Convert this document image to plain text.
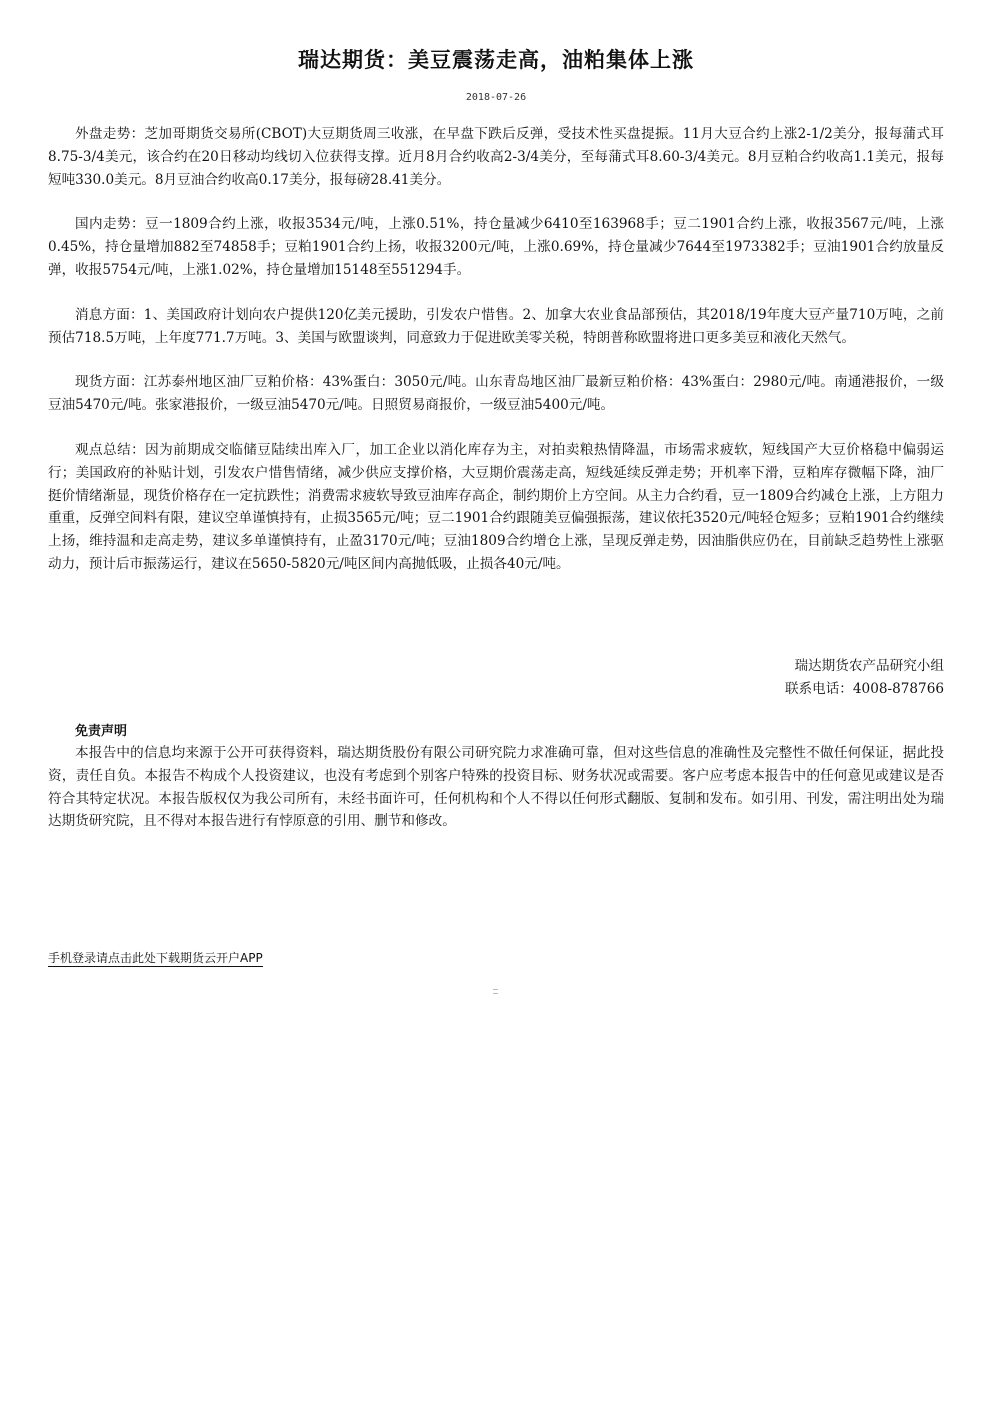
瑞达期货：美豆震荡走高，油粕集体上涨
2018-07-26

外盘走势：芝加哥期货交易所(CBOT)大豆期货周三收涨，在早盘下跌后反弹，受技术性买盘提振。11月大豆合约上涨2-1/2美分，报每蒲式耳8.75-3/4美元，该合约在20日移动均线切入位获得支撑。近月8月合约收高2-3/4美分，至每蒲式耳8.60-3/4美元。8月豆粕合约收高1.1美元，报每短吨330.0美元。8月豆油合约收高0.17美分，报每磅28.41美分。

国内走势：豆一1809合约上涨，收报3534元/吨，上涨0.51%，持仓量减少6410至163968手；豆二1901合约上涨，收报3567元/吨，上涨0.45%，持仓量增加882至74858手；豆粕1901合约上扬，收报3200元/吨，上涨0.69%，持仓量减少7644至1973382手；豆油1901合约放量反弹，收报5754元/吨，上涨1.02%，持仓量增加15148至551294手。

消息方面：1、美国政府计划向农户提供120亿美元援助，引发农户惜售。2、加拿大农业食品部预估，其2018/19年度大豆产量710万吨，之前预估718.5万吨，上年度771.7万吨。3、美国与欧盟谈判，同意致力于促进欧美零关税，特朗普称欧盟将进口更多美豆和液化天然气。

现货方面：江苏泰州地区油厂豆粕价格：43%蛋白：3050元/吨。山东青岛地区油厂最新豆粕价格：43%蛋白：2980元/吨。南通港报价，一级豆油5470元/吨。张家港报价，一级豆油5470元/吨。日照贸易商报价，一级豆油5400元/吨。

观点总结：因为前期成交临储豆陆续出库入厂，加工企业以消化库存为主，对拍卖粮热情降温，市场需求疲软，短线国产大豆价格稳中偏弱运行；美国政府的补贴计划，引发农户惜售情绪，减少供应支撑价格，大豆期价震荡走高，短线延续反弹走势；开机率下滑，豆粕库存微幅下降，油厂挺价情绪渐显，现货价格存在一定抗跌性；消费需求疲软导致豆油库存高企，制约期价上方空间。从主力合约看，豆一1809合约减仓上涨，上方阻力重重，反弹空间料有限，建议空单谨慎持有，止损3565元/吨；豆二1901合约跟随美豆偏强振荡，建议依托3520元/吨轻仓短多；豆粕1901合约继续上扬，维持温和走高走势，建议多单谨慎持有，止盈3170元/吨；豆油1809合约增仓上涨，呈现反弹走势，因油脂供应仍在，目前缺乏趋势性上涨驱动力，预计后市振荡运行，建议在5650-5820元/吨区间内高抛低吸，止损各40元/吨。

瑞达期货农产品研究小组
联系电话：4008-878766

免责声明

本报告中的信息均来源于公开可获得资料，瑞达期货股份有限公司研究院力求准确可靠，但对这些信息的准确性及完整性不做任何保证，据此投资，责任自负。本报告不构成个人投资建议，也没有考虑到个别客户特殊的投资目标、财务状况或需要。客户应考虑本报告中的任何意见或建议是否符合其特定状况。本报告版权仅为我公司所有，未经书面许可，任何机构和个人不得以任何形式翻版、复制和发布。如引用、刊发，需注明出处为瑞达期货研究院，且不得对本报告进行有悖原意的引用、删节和修改。

手机登录请点击此处下载期货云开户APP
